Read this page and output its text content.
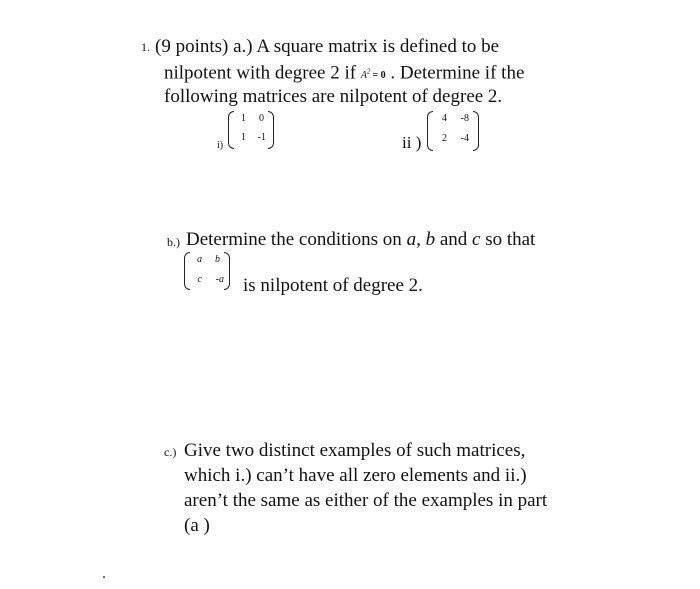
1. (9 points) a.) A square matrix is defined to be
nilpotent with degree 2 if $A^2 = 0$ . Determine if the
following matrices are nilpotent of degree 2.
i)
1	0
1	-1	ii )
4	-8
2	-4
b.) Determine the conditions on a, b and c so that
a	b
c	-a is nilpotent of degree 2.
c.) Give two distinct examples of such matrices,
which i.) can’t have all zero elements and ii.)
aren’t the same as either of the examples in part
(a )
